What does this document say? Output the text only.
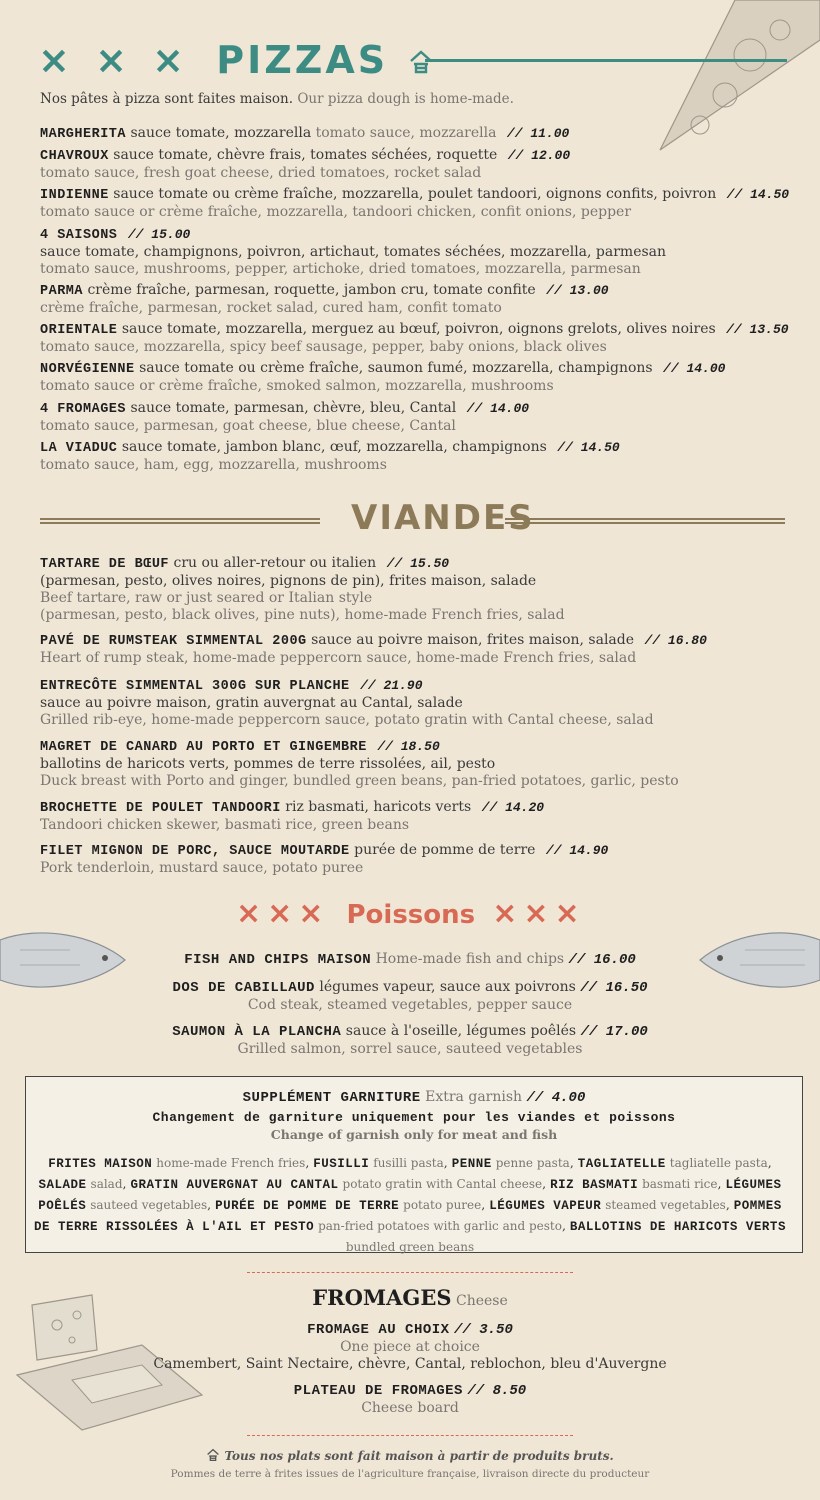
× × × PIZZAS
Nos pâtes à pizza sont faites maison. Our pizza dough is home-made.
MARGHERITA sauce tomate, mozzarella tomato sauce, mozzarella // 11.00
CHAVROUX sauce tomate, chèvre frais, tomates séchées, roquette // 12.00
tomato sauce, fresh goat cheese, dried tomatoes, rocket salad
INDIENNE sauce tomate ou crème fraîche, mozzarella, poulet tandoori, oignons confits, poivron // 14.50
tomato sauce or crème fraîche, mozzarella, tandoori chicken, confit onions, pepper
4 SAISONS // 15.00
sauce tomate, champignons, poivron, artichaut, tomates séchées, mozzarella, parmesan
tomato sauce, mushrooms, pepper, artichoke, dried tomatoes, mozzarella, parmesan
PARMA crème fraîche, parmesan, roquette, jambon cru, tomate confite // 13.00
crème fraîche, parmesan, rocket salad, cured ham, confit tomato
ORIENTALE sauce tomate, mozzarella, merguez au bœuf, poivron, oignons grelots, olives noires // 13.50
tomato sauce, mozzarella, spicy beef sausage, pepper, baby onions, black olives
NORVÉGIENNE sauce tomate ou crème fraîche, saumon fumé, mozzarella, champignons // 14.00
tomato sauce or crème fraîche, smoked salmon, mozzarella, mushrooms
4 FROMAGES sauce tomate, parmesan, chèvre, bleu, Cantal // 14.00
tomato sauce, parmesan, goat cheese, blue cheese, Cantal
LA VIADUC sauce tomate, jambon blanc, œuf, mozzarella, champignons // 14.50
tomato sauce, ham, egg, mozzarella, mushrooms
VIANDES
TARTARE DE BŒUF cru ou aller-retour ou italien // 15.50
(parmesan, pesto, olives noires, pignons de pin), frites maison, salade
Beef tartare, raw or just seared or Italian style
(parmesan, pesto, black olives, pine nuts), home-made French fries, salad
PAVÉ DE RUMSTEAK SIMMENTAL 200G sauce au poivre maison, frites maison, salade // 16.80
Heart of rump steak, home-made peppercorn sauce, home-made French fries, salad
ENTRECÔTE SIMMENTAL 300G SUR PLANCHE // 21.90
sauce au poivre maison, gratin auvergnat au Cantal, salade
Grilled rib-eye, home-made peppercorn sauce, potato gratin with Cantal cheese, salad
MAGRET DE CANARD AU PORTO ET GINGEMBRE // 18.50
ballotins de haricots verts, pommes de terre rissolées, ail, pesto
Duck breast with Porto and ginger, bundled green beans, pan-fried potatoes, garlic, pesto
BROCHETTE DE POULET TANDOORI riz basmati, haricots verts // 14.20
Tandoori chicken skewer, basmati rice, green beans
FILET MIGNON DE PORC, SAUCE MOUTARDE purée de pomme de terre // 14.90
Pork tenderloin, mustard sauce, potato puree
××× Poissons ×××
FISH AND CHIPS MAISON Home-made fish and chips // 16.00
DOS DE CABILLAUD légumes vapeur, sauce aux poivrons // 16.50
Cod steak, steamed vegetables, pepper sauce
SAUMON À LA PLANCHA sauce à l'oseille, légumes poêlés // 17.00
Grilled salmon, sorrel sauce, sauteed vegetables
SUPPLÉMENT GARNITURE Extra garnish // 4.00
Changement de garniture uniquement pour les viandes et poissons
Change of garnish only for meat and fish
FRITES MAISON home-made French fries, FUSILLI fusilli pasta, PENNE penne pasta, TAGLIATELLE tagliatelle pasta, SALADE salad, GRATIN AUVERGNAT AU CANTAL potato gratin with Cantal cheese, RIZ BASMATI basmati rice, LÉGUMES POÊLÉS sauteed vegetables, PURÉE DE POMME DE TERRE potato puree, LÉGUMES VAPEUR steamed vegetables, POMMES DE TERRE RISSOLÉES À L'AIL ET PESTO pan-fried potatoes with garlic and pesto, BALLOTINS DE HARICOTS VERTS bundled green beans
FROMAGES Cheese
FROMAGE AU CHOIX // 3.50
One piece at choice
Camembert, Saint Nectaire, chèvre, Cantal, reblochon, bleu d'Auvergne
PLATEAU DE FROMAGES // 8.50
Cheese board
Tous nos plats sont fait maison à partir de produits bruts.
Pommes de terre à frites issues de l'agriculture française, livraison directe du producteur
